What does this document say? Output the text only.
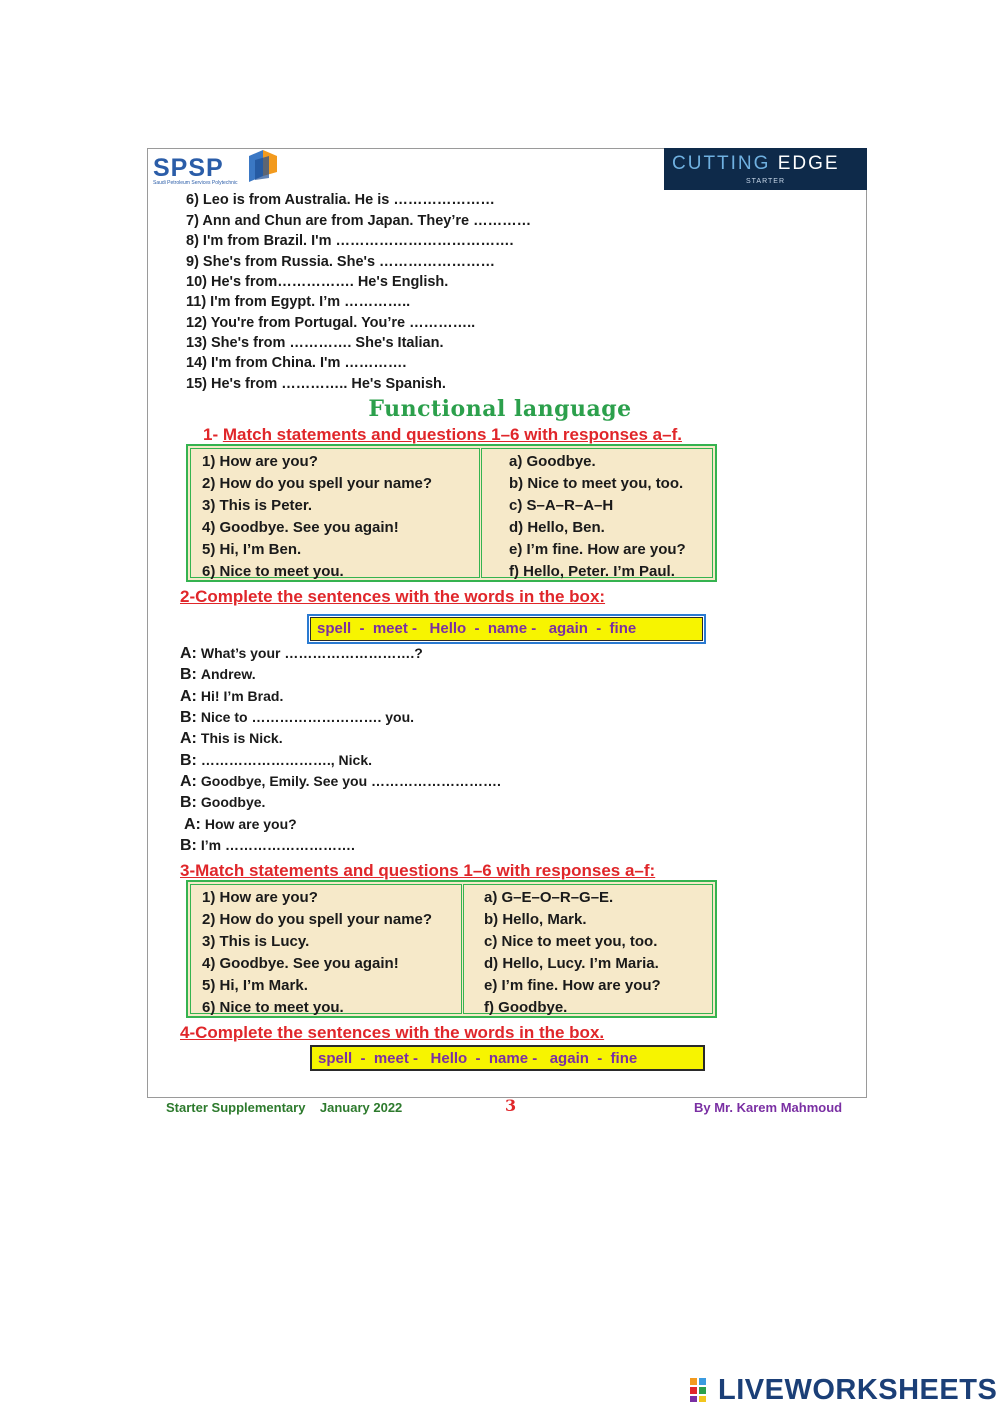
SPSP
Saudi Petroleum Services Polytechnic
CUTTING EDGE
STARTER
6) Leo is from Australia. He is …………………
7) Ann and Chun are from Japan. They’re …………
8) I'm from Brazil. I'm ……………………………….
9) She's from Russia. She's ……………………
10) He's from……………. He's English.
11) I'm from Egypt. I’m …………..
12) You're from Portugal. You’re …………..
13) She's from …………. She's Italian.
14) I'm from China. I'm ………….
15) He's from ………….. He's Spanish.
Functional language
1- Match statements and questions 1–6 with responses a–f.
1) How are you?
2) How do you spell your name?
3) This is Peter.
4) Goodbye. See you again!
5) Hi, I’m Ben.
6) Nice to meet you.
a) Goodbye.
b) Nice to meet you, too.
c) S–A–R–A–H
d) Hello, Ben.
e) I’m fine. How are you?
f) Hello, Peter. I’m Paul.
2-Complete the sentences with the words in the box:
spell  -  meet -   Hello  -  name -   again  -  fine
A: What’s your ……………………….?
B: Andrew.
A: Hi! I’m Brad.
B: Nice to ………………………. you.
A: This is Nick.
B: ………………………., Nick.
A: Goodbye, Emily. See you ……………………….
B: Goodbye.
A: How are you?
B: I’m ……………………….
3-Match statements and questions 1–6 with responses a–f:
1) How are you?
2) How do you spell your name?
3) This is Lucy.
4) Goodbye. See you again!
5) Hi, I’m Mark.
6) Nice to meet you.
a) G–E–O–R–G–E.
b) Hello, Mark.
c) Nice to meet you, too.
d) Hello, Lucy. I’m Maria.
e) I’m fine. How are you?
f) Goodbye.
4-Complete the sentences with the words in the box.
spell  -  meet -   Hello  -  name -   again  -  fine
Starter Supplementary    January 2022	3	By Mr. Karem Mahmoud
LIVEWORKSHEETS
